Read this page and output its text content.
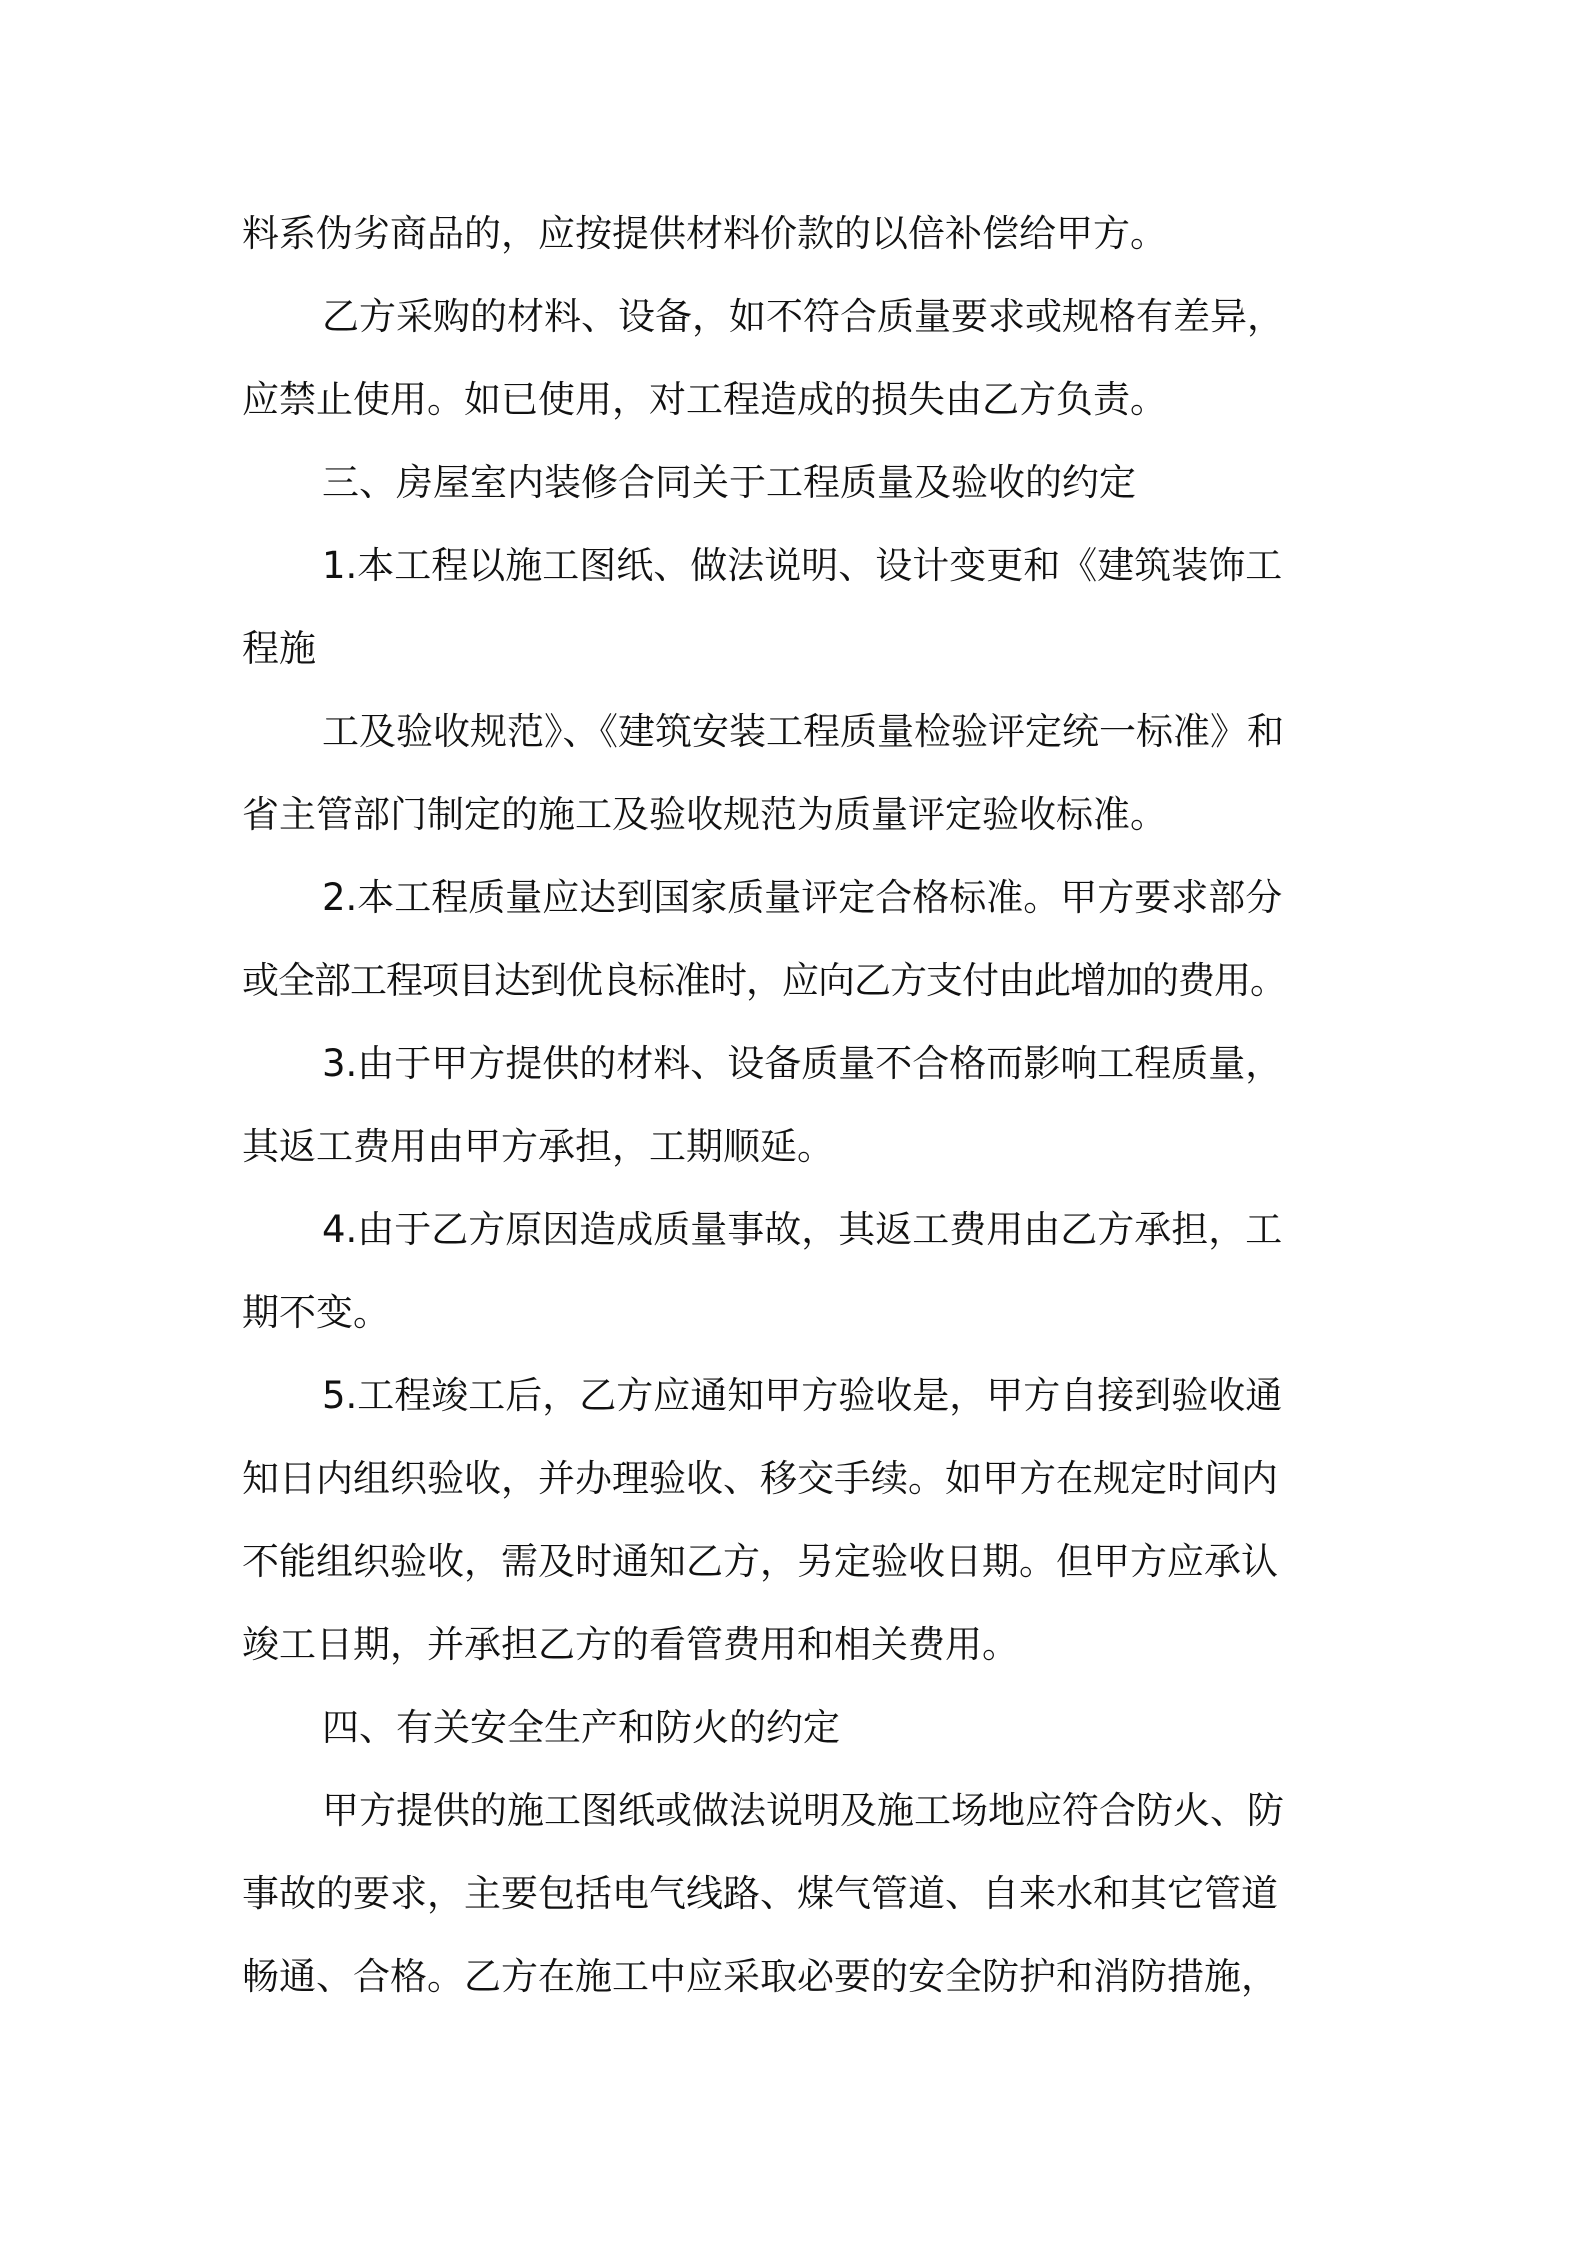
料系伪劣商品的，应按提供材料价款的以倍补偿给甲方。

乙方采购的材料、设备，如不符合质量要求或规格有差异，

应禁止使用。如已使用，对工程造成的损失由乙方负责。

三、房屋室内装修合同关于工程质量及验收的约定

1.本工程以施工图纸、做法说明、设计变更和《建筑装饰工

程施

工及验收规范》、《建筑安装工程质量检验评定统一标准》和

省主管部门制定的施工及验收规范为质量评定验收标准。

2.本工程质量应达到国家质量评定合格标准。甲方要求部分

或全部工程项目达到优良标准时，应向乙方支付由此增加的费用。

3.由于甲方提供的材料、设备质量不合格而影响工程质量，

其返工费用由甲方承担，工期顺延。

4.由于乙方原因造成质量事故，其返工费用由乙方承担，工

期不变。

5.工程竣工后，乙方应通知甲方验收是，甲方自接到验收通

知日内组织验收，并办理验收、移交手续。如甲方在规定时间内

不能组织验收，需及时通知乙方，另定验收日期。但甲方应承认

竣工日期，并承担乙方的看管费用和相关费用。

四、有关安全生产和防火的约定

甲方提供的施工图纸或做法说明及施工场地应符合防火、防

事故的要求，主要包括电气线路、煤气管道、自来水和其它管道

畅通、合格。乙方在施工中应采取必要的安全防护和消防措施，
